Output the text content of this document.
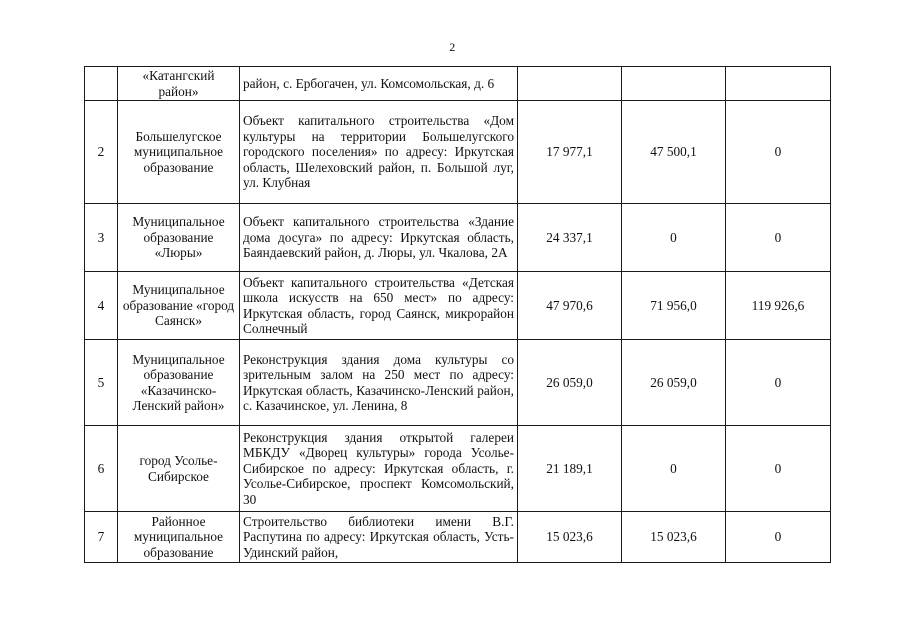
2
	«Катангский район»	район, с. Ербогачен, ул. Комсомольская, д. 6			
2	Большелугское муниципальное образование	Объект капитального строительства «Дом культуры на территории Большелугского городского поселения» по адресу: Иркутская область, Шелеховский район, п. Большой луг, ул. Клубная	17 977,1	47 500,1	0
3	Муниципальное образование «Люры»	Объект капитального строительства «Здание дома досуга» по адресу: Иркутская область, Баяндаевский район, д. Люры, ул. Чкалова, 2А	24 337,1	0	0
4	Муниципальное образование «город Саянск»	Объект капитального строительства «Детская школа искусств на 650 мест» по адресу: Иркутская область, город Саянск, микрорайон Солнечный	47 970,6	71 956,0	119 926,6
5	Муниципальное образование «Казачинско-Ленский район»	Реконструкция здания дома культуры со зрительным залом на 250 мест по адресу: Иркутская область, Казачинско-Ленский район, с. Казачинское, ул. Ленина, 8	26 059,0	26 059,0	0
6	город Усолье-Сибирское	Реконструкция здания открытой галереи МБКДУ «Дворец культуры» города Усолье-Сибирское по адресу: Иркутская область, г. Усолье-Сибирское, проспект Комсомольский, 30	21 189,1	0	0
7	Районное муниципальное образование	Строительство библиотеки имени В.Г. Распутина по адресу: Иркутская область, Усть-Удинский район,	15 023,6	15 023,6	0
